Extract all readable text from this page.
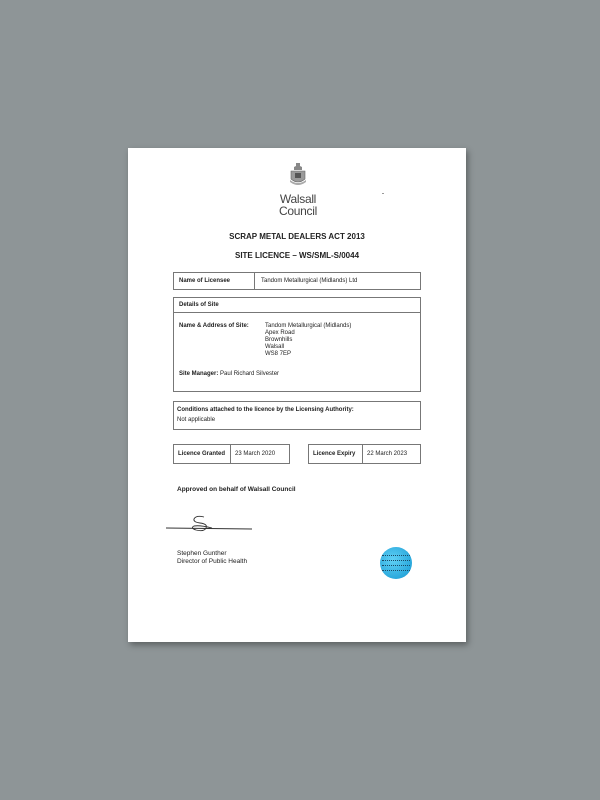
Walsall
Council
SCRAP METAL DEALERS ACT 2013
SITE LICENCE – WS/SML-S/0044
Name of Licensee	Tandom Metallurgical (Midlands) Ltd
Details of Site
Name & Address of Site:	Tandom Metallurgical (Midlands)
Apex Road
Brownhills
Walsall
WS8 7EP
Site Manager: Paul Richard Silvester
Conditions attached to the licence by the Licensing Authority:
Not applicable
Licence Granted 23 March 2020	Licence Expiry 22 March 2023
Approved on behalf of Walsall Council
Stephen Gunther
Director of Public Health
